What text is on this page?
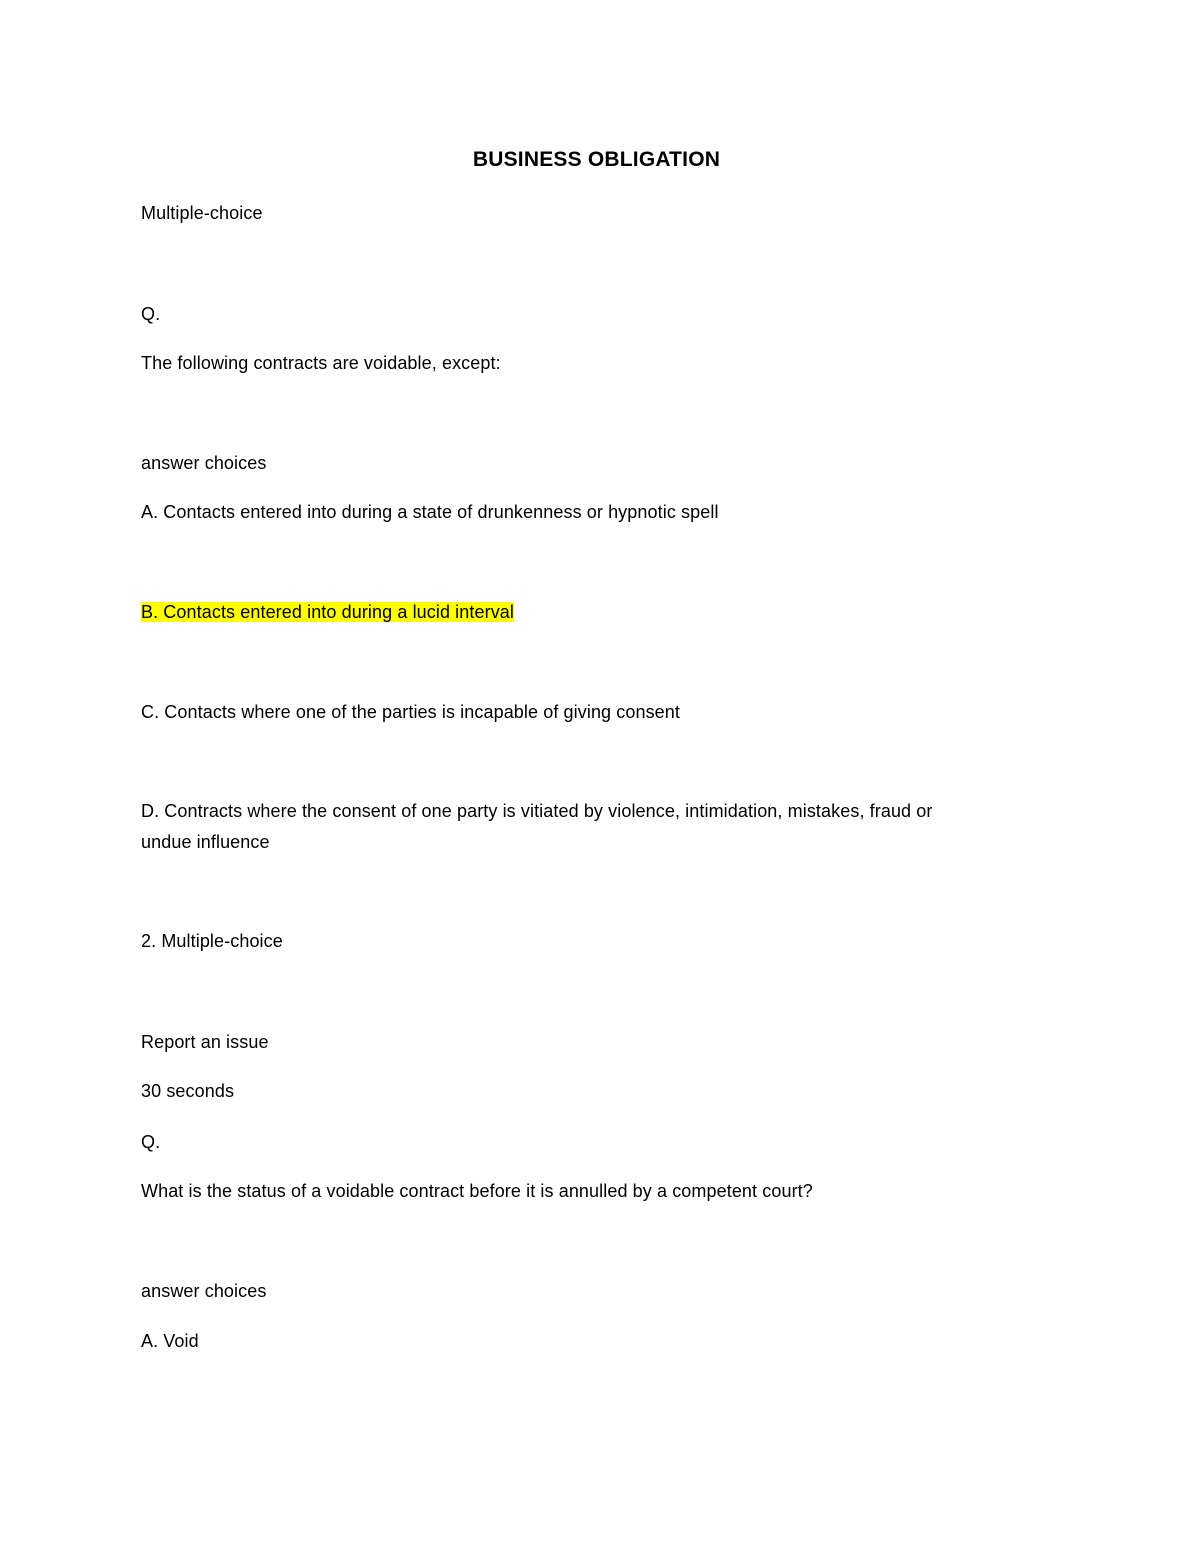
BUSINESS OBLIGATION
Multiple-choice
Q.
The following contracts are voidable, except:
answer choices
A. Contacts entered into during a state of drunkenness or hypnotic spell
B. Contacts entered into during a lucid interval
C. Contacts where one of the parties is incapable of giving consent
D. Contracts where the consent of one party is vitiated by violence, intimidation, mistakes, fraud or
undue influence
2. Multiple-choice
Report an issue
30 seconds
Q.
What is the status of a voidable contract before it is annulled by a competent court?
answer choices
A. Void
